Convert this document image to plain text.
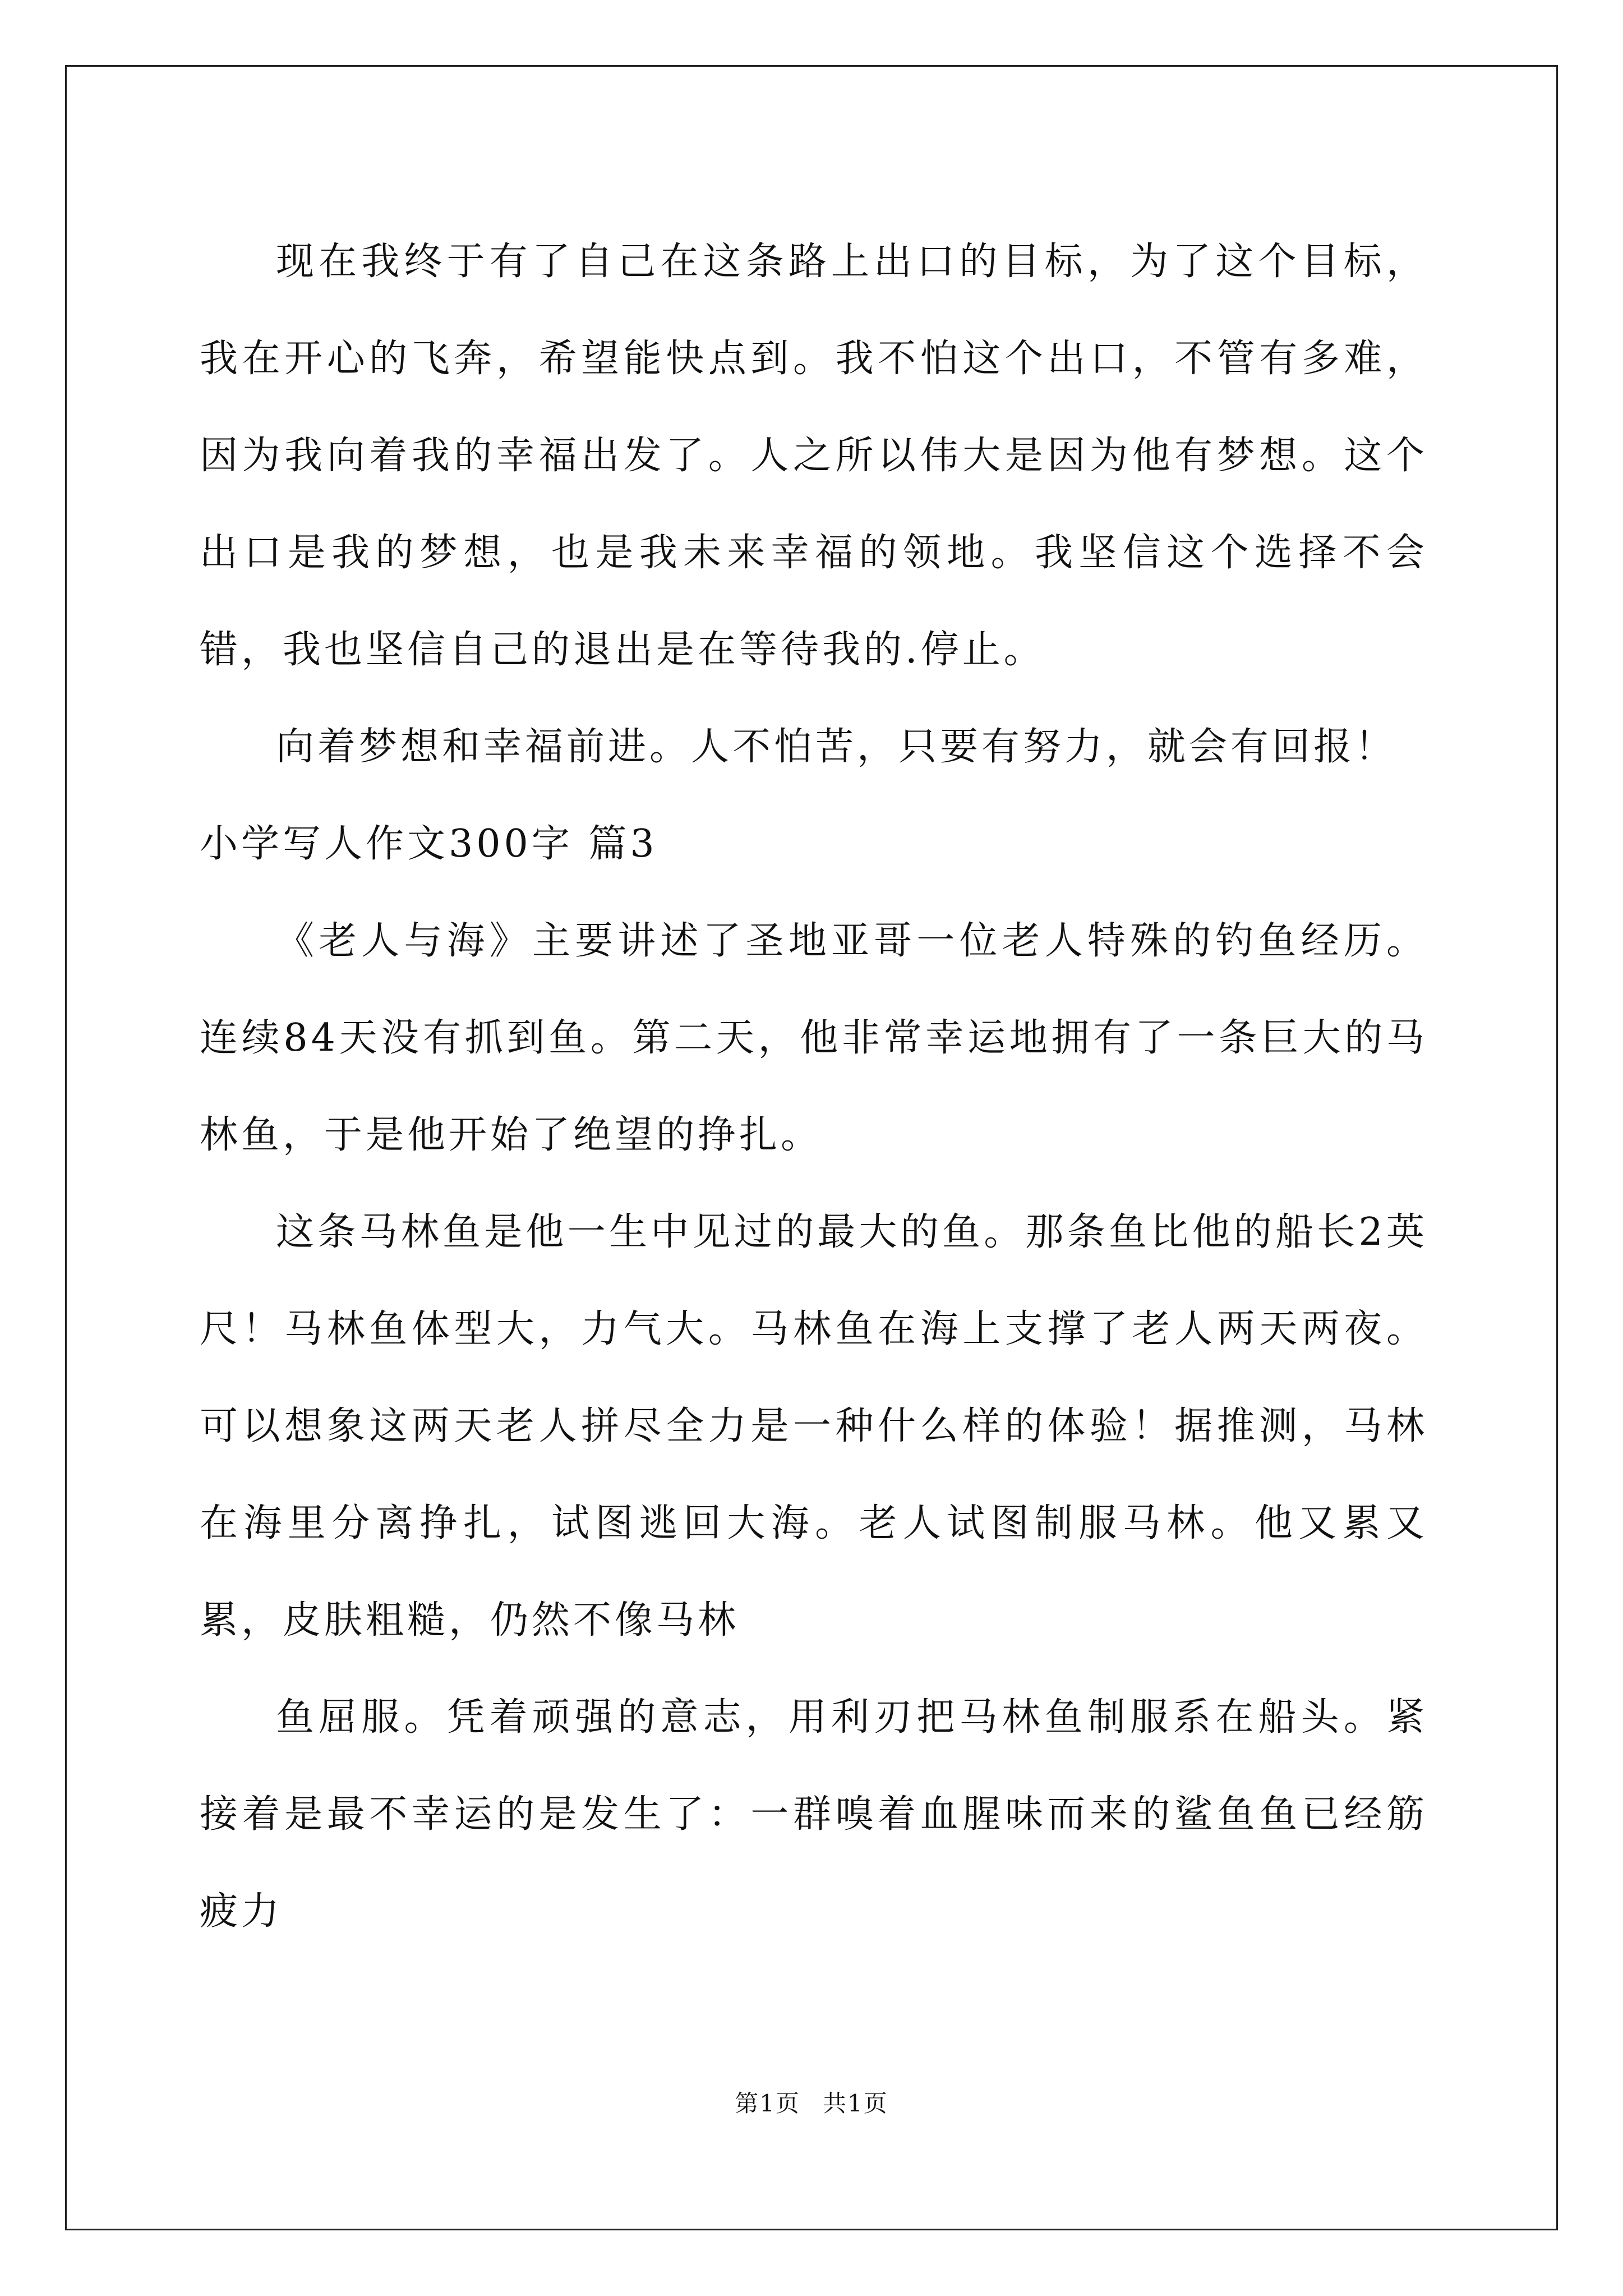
现在我终于有了自己在这条路上出口的目标，为了这个目标，我在开心的飞奔，希望能快点到。我不怕这个出口，不管有多难，因为我向着我的幸福出发了。人之所以伟大是因为他有梦想。这个出口是我的梦想，也是我未来幸福的领地。我坚信这个选择不会错，我也坚信自己的退出是在等待我的.停止。

向着梦想和幸福前进。人不怕苦，只要有努力，就会有回报！

小学写人作文300字 篇3

《老人与海》主要讲述了圣地亚哥一位老人特殊的钓鱼经历。连续84天没有抓到鱼。第二天，他非常幸运地拥有了一条巨大的马林鱼，于是他开始了绝望的挣扎。

这条马林鱼是他一生中见过的最大的鱼。那条鱼比他的船长2英尺！马林鱼体型大，力气大。马林鱼在海上支撑了老人两天两夜。可以想象这两天老人拼尽全力是一种什么样的体验！据推测，马林在海里分离挣扎，试图逃回大海。老人试图制服马林。他又累又累，皮肤粗糙，仍然不像马林

鱼屈服。凭着顽强的意志，用利刃把马林鱼制服系在船头。紧接着是最不幸运的是发生了：一群嗅着血腥味而来的鲨鱼鱼已经筋疲力

第1页 共1页
